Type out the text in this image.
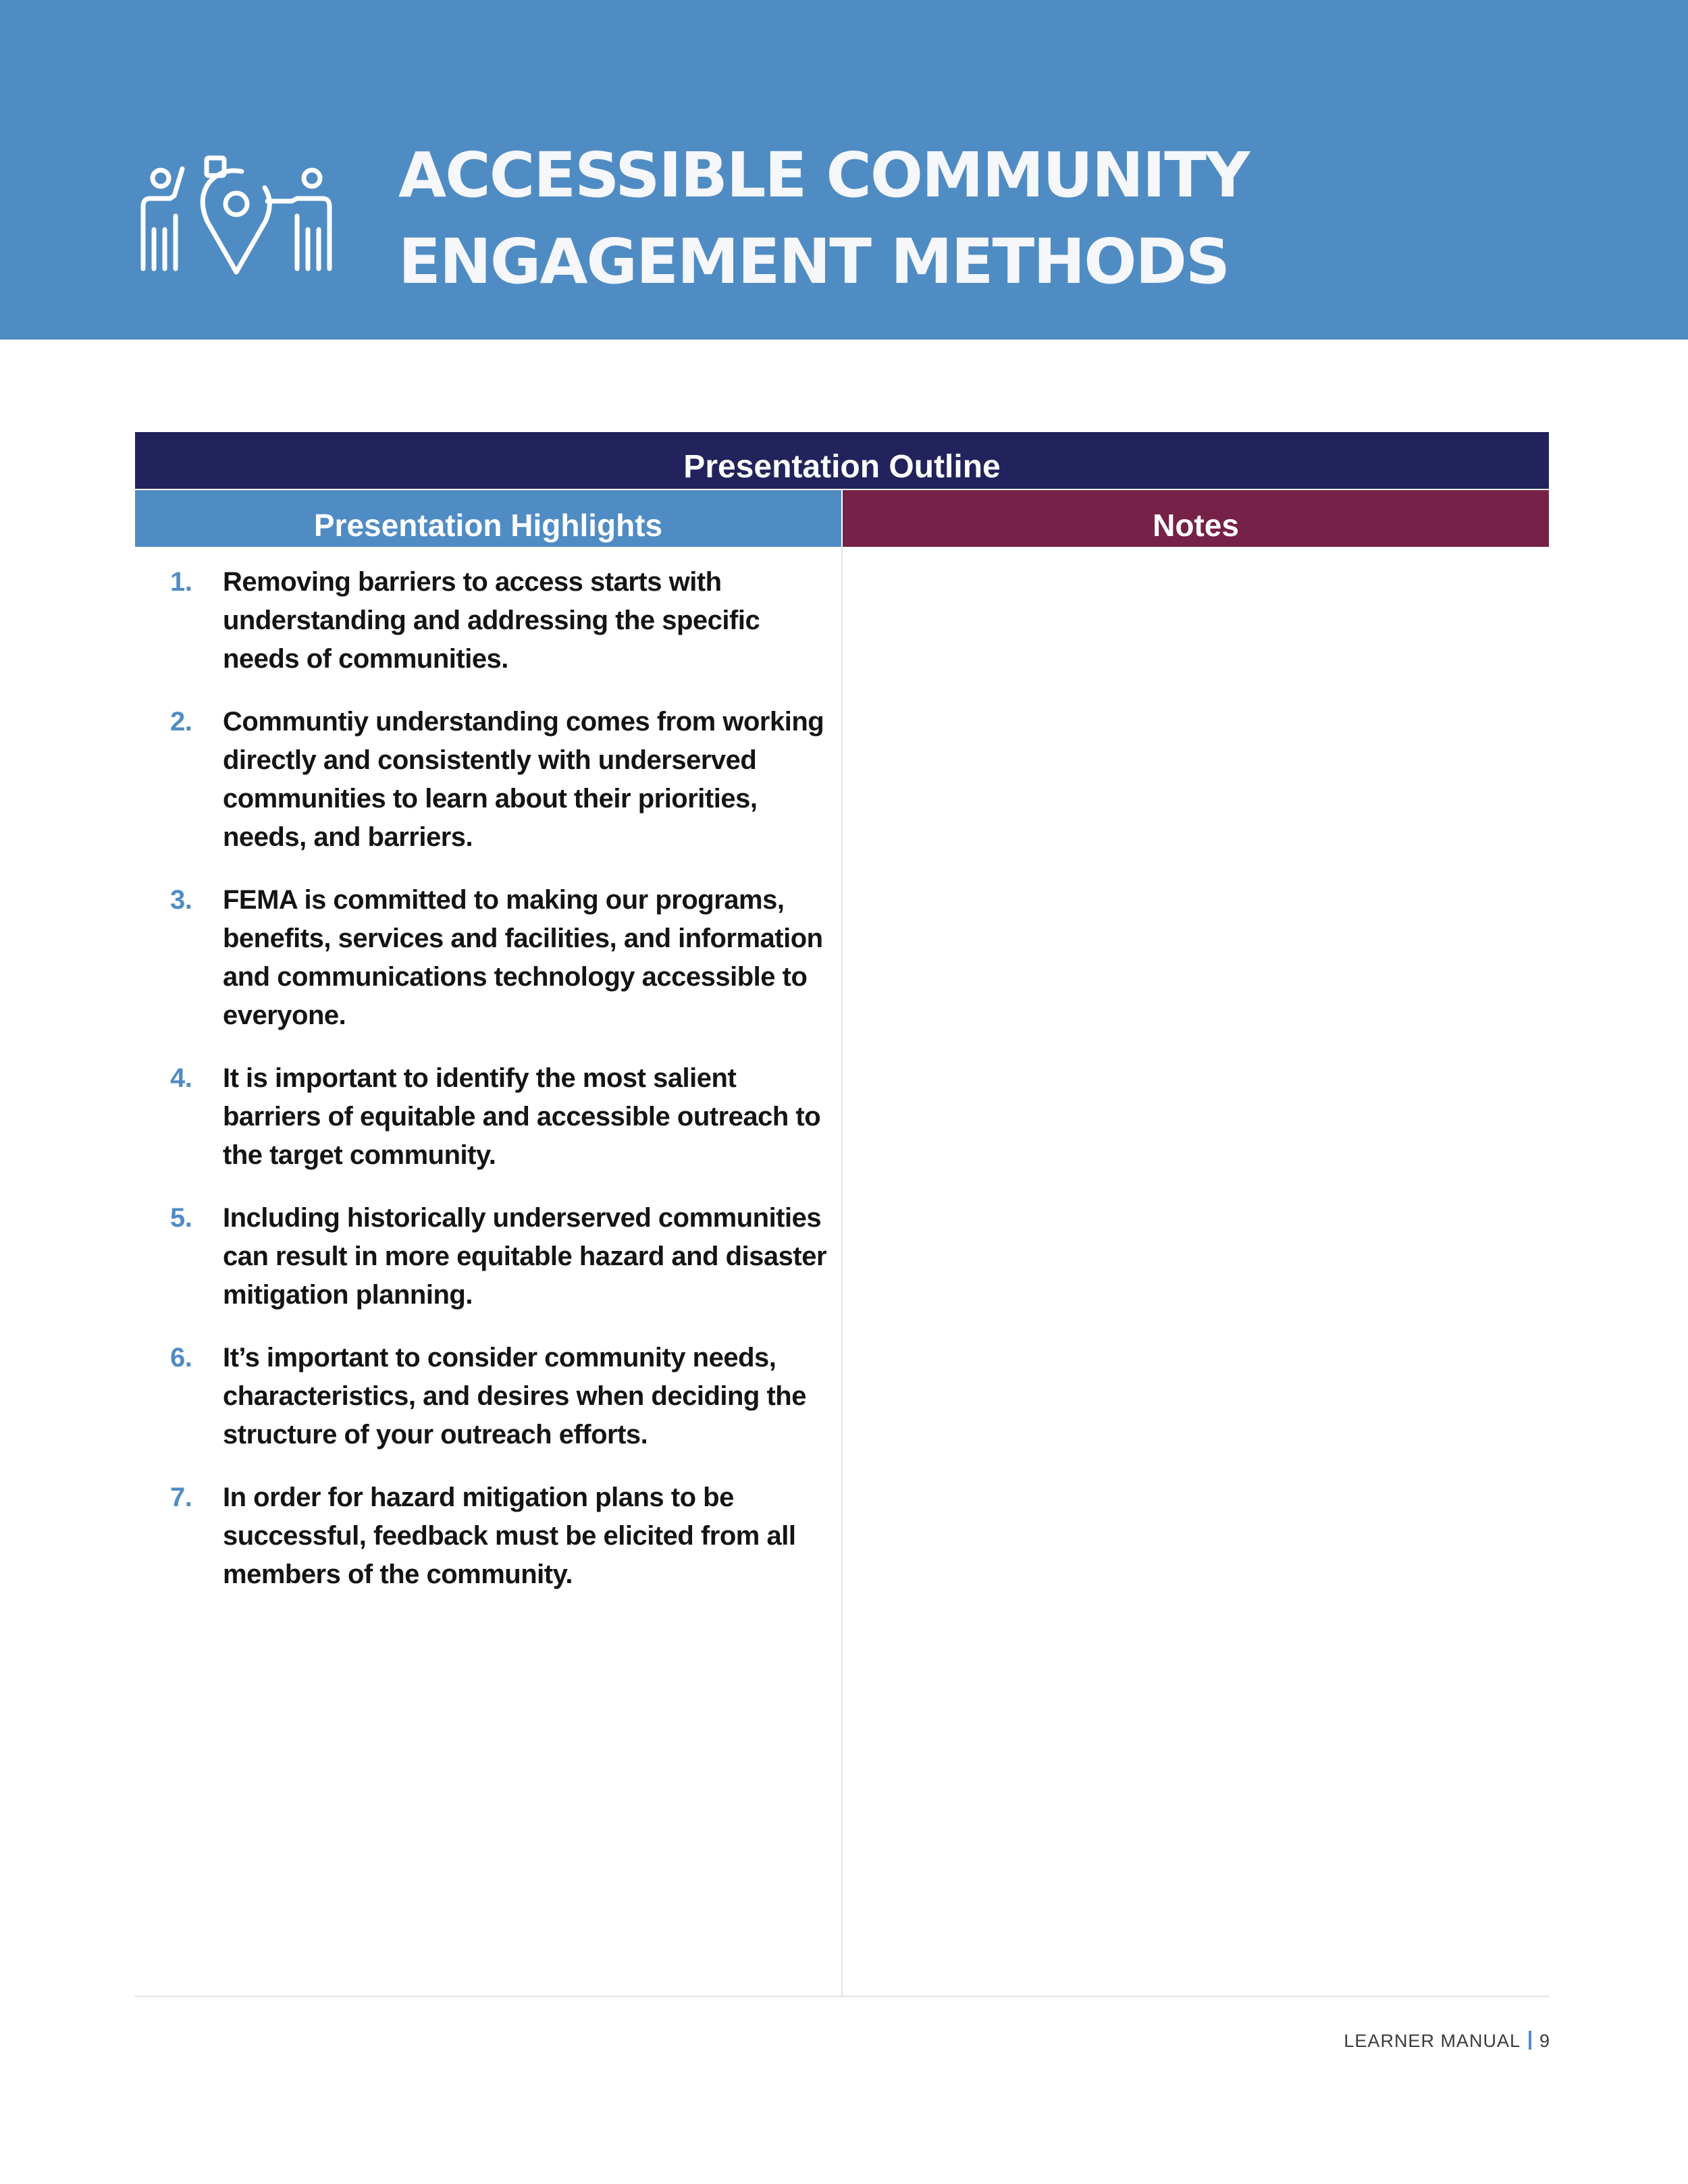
ACCESSIBLE COMMUNITY
ENGAGEMENT METHODS
Presentation Outline
Presentation Highlights	Notes
1. Removing barriers to access starts with understanding and addressing the specific needs of communities.
2. Communtiy understanding comes from working directly and consistently with underserved communities to learn about their priorities, needs, and barriers.
3. FEMA is committed to making our programs, benefits, services and facilities, and information and communications technology accessible to everyone.
4. It is important to identify the most salient barriers of equitable and accessible outreach to the target community.
5. Including historically underserved communities can result in more equitable hazard and disaster mitigation planning.
6. It’s important to consider community needs, characteristics, and desires when deciding the structure of your outreach efforts.
7. In order for hazard mitigation plans to be successful, feedback must be elicited from all members of the community.
LEARNER MANUAL 9
